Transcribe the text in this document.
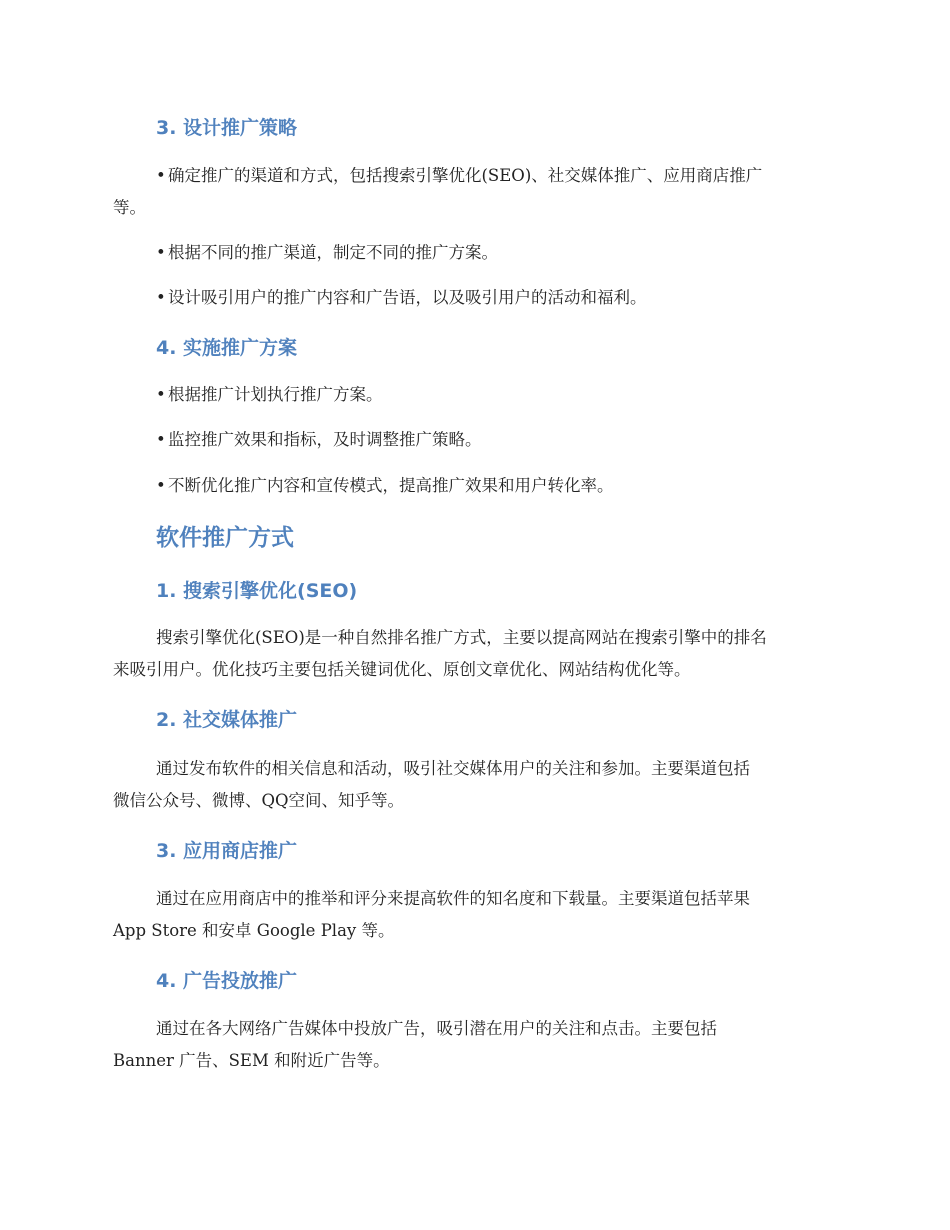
3. 设计推广策略

• 确定推广的渠道和方式，包括搜索引擎优化(SEO)、社交媒体推广、应用商店推广

等。

• 根据不同的推广渠道，制定不同的推广方案。

• 设计吸引用户的推广内容和广告语，以及吸引用户的活动和福利。

4. 实施推广方案

• 根据推广计划执行推广方案。

• 监控推广效果和指标，及时调整推广策略。

• 不断优化推广内容和宣传模式，提高推广效果和用户转化率。

软件推广方式
1. 搜索引擎优化(SEO)

搜索引擎优化(SEO)是一种自然排名推广方式，主要以提高网站在搜索引擎中的排名
来吸引用户。优化技巧主要包括关键词优化、原创文章优化、网站结构优化等。

2. 社交媒体推广

通过发布软件的相关信息和活动，吸引社交媒体用户的关注和参加。主要渠道包括
微信公众号、微博、QQ空间、知乎等。

3. 应用商店推广

通过在应用商店中的推举和评分来提高软件的知名度和下载量。主要渠道包括苹果
App Store 和安卓 Google Play 等。

4. 广告投放推广

通过在各大网络广告媒体中投放广告，吸引潜在用户的关注和点击。主要包括
Banner 广告、SEM 和附近广告等。
